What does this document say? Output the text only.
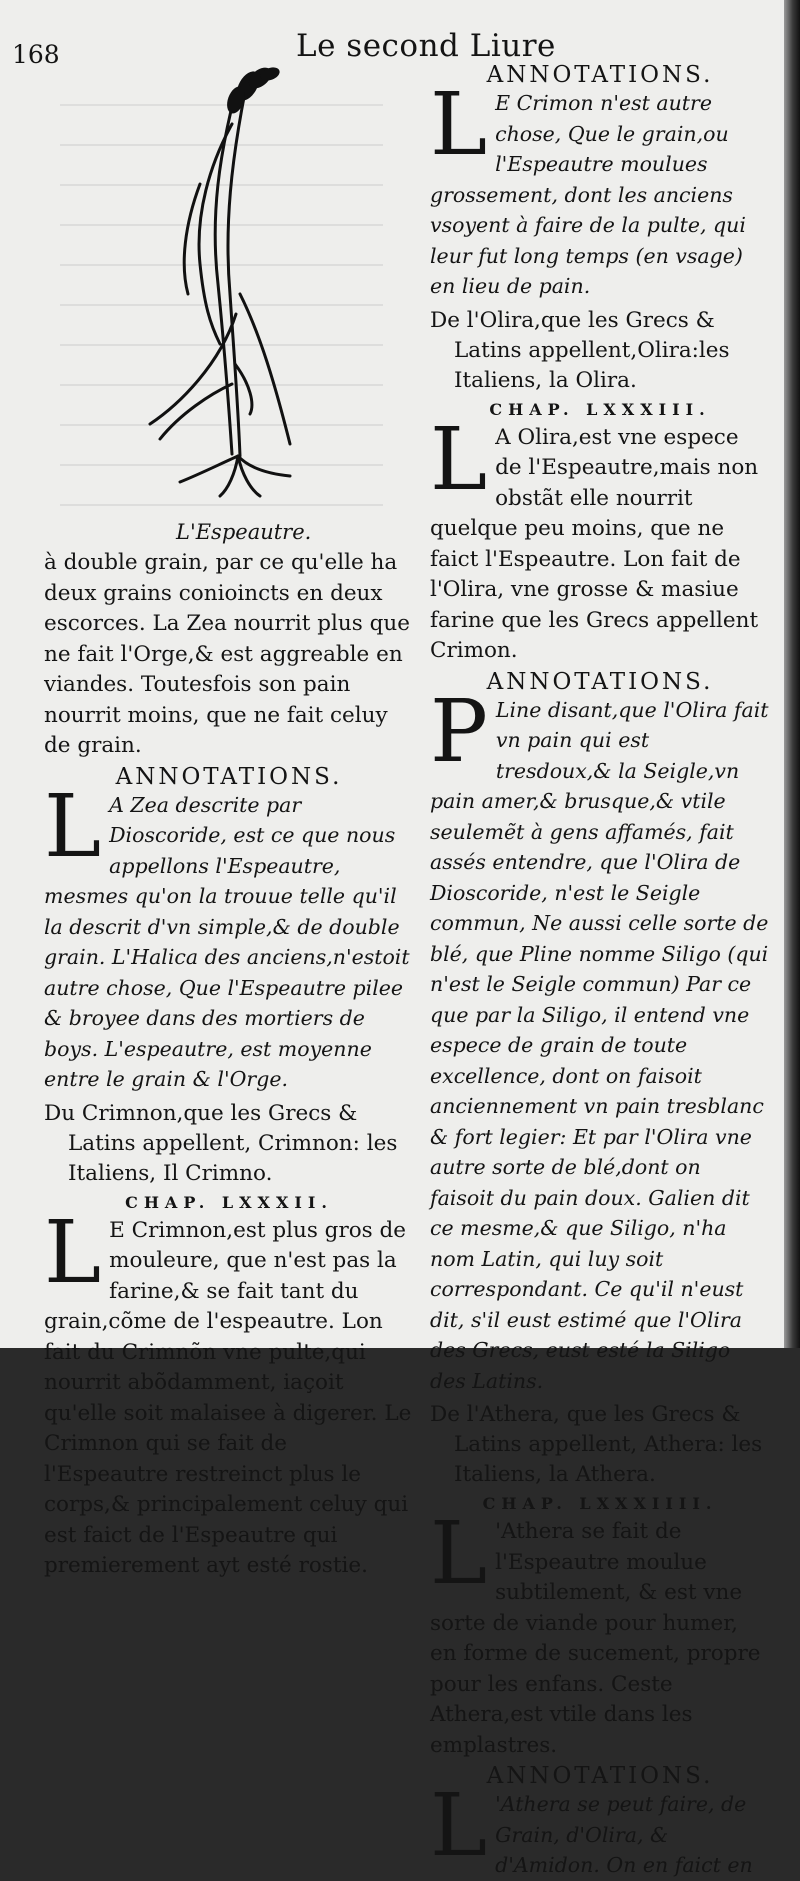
168	Le second Liure

L'Espeautre.

à double grain, par ce qu'elle ha deux grains conioincts en deux escorces. La Zea nourrit plus que ne fait l'Orge,& est aggreable en viandes. Toutesfois son pain nourrit moins, que ne fait celuy de grain.

ANNOTATIONS.

L A Zea descrite par Dioscoride, est ce que nous appellons l'Espeautre, mesmes qu'on la trouue telle qu'il la descrit d'vn simple,& de double grain. L'Halica des anciens,n'estoit autre chose, Que l'Espeautre pilee & broyee dans des mortiers de boys. L'espeautre, est moyenne entre le grain & l'Orge.

Du Crimnon,que les Grecs & Latins appellent, Crimnon: les Italiens, Il Crimno.

CHAP. LXXXII.

L E Crimnon,est plus gros de mouleure, que n'est pas la farine,& se fait tant du grain,cõme de l'espeautre. Lon fait du Crimnõn vne pulte,qui nourrit abõdamment, iaçoit qu'elle soit malaisee à digerer. Le Crimnon qui se fait de l'Espeautre restreinct plus le corps,& principalement celuy qui est faict de l'Espeautre qui premierement ayt esté rostie.

ANNOTATIONS.

L E Crimon n'est autre chose, Que le grain,ou l'Espeautre moulues grossement, dont les anciens vsoyent à faire de la pulte, qui leur fut long temps (en vsage) en lieu de pain.

De l'Olira,que les Grecs & Latins appellent,Olira:les Italiens, la Olira.

CHAP. LXXXIII.

L A Olira,est vne espece de l'Espeautre,mais non obstãt elle nourrit quelque peu moins, que ne faict l'Espeautre. Lon fait de l'Olira, vne grosse & masiue farine que les Grecs appellent Crimon.

ANNOTATIONS.

P Line disant,que l'Olira fait vn pain qui est tresdoux,& la Seigle,vn pain amer,& brusque,& vtile seulemẽt à gens affamés, fait assés entendre, que l'Olira de Dioscoride, n'est le Seigle commun, Ne aussi celle sorte de blé, que Pline nomme Siligo (qui n'est le Seigle commun) Par ce que par la Siligo, il entend vne espece de grain de toute excellence, dont on faisoit anciennement vn pain tresblanc & fort legier: Et par l'Olira vne autre sorte de blé,dont on faisoit du pain doux. Galien dit ce mesme,& que Siligo, n'ha nom Latin, qui luy soit correspondant. Ce qu'il n'eust dit, s'il eust estimé que l'Olira des Grecs, eust esté la Siligo des Latins.

De l'Athera, que les Grecs & Latins appellent, Athera: les Italiens, la Athera.

CHAP. LXXXIIII.

L 'Athera se fait de l'Espeautre moulue subtilement, & est vne sorte de viande pour humer, en forme de sucement, propre pour les enfans. Ceste Athera,est vtile dans les emplastres.

ANNOTATIONS.

L 'Athera se peut faire, de Grain, d'Olira, & d'Amidon. On en faict en
